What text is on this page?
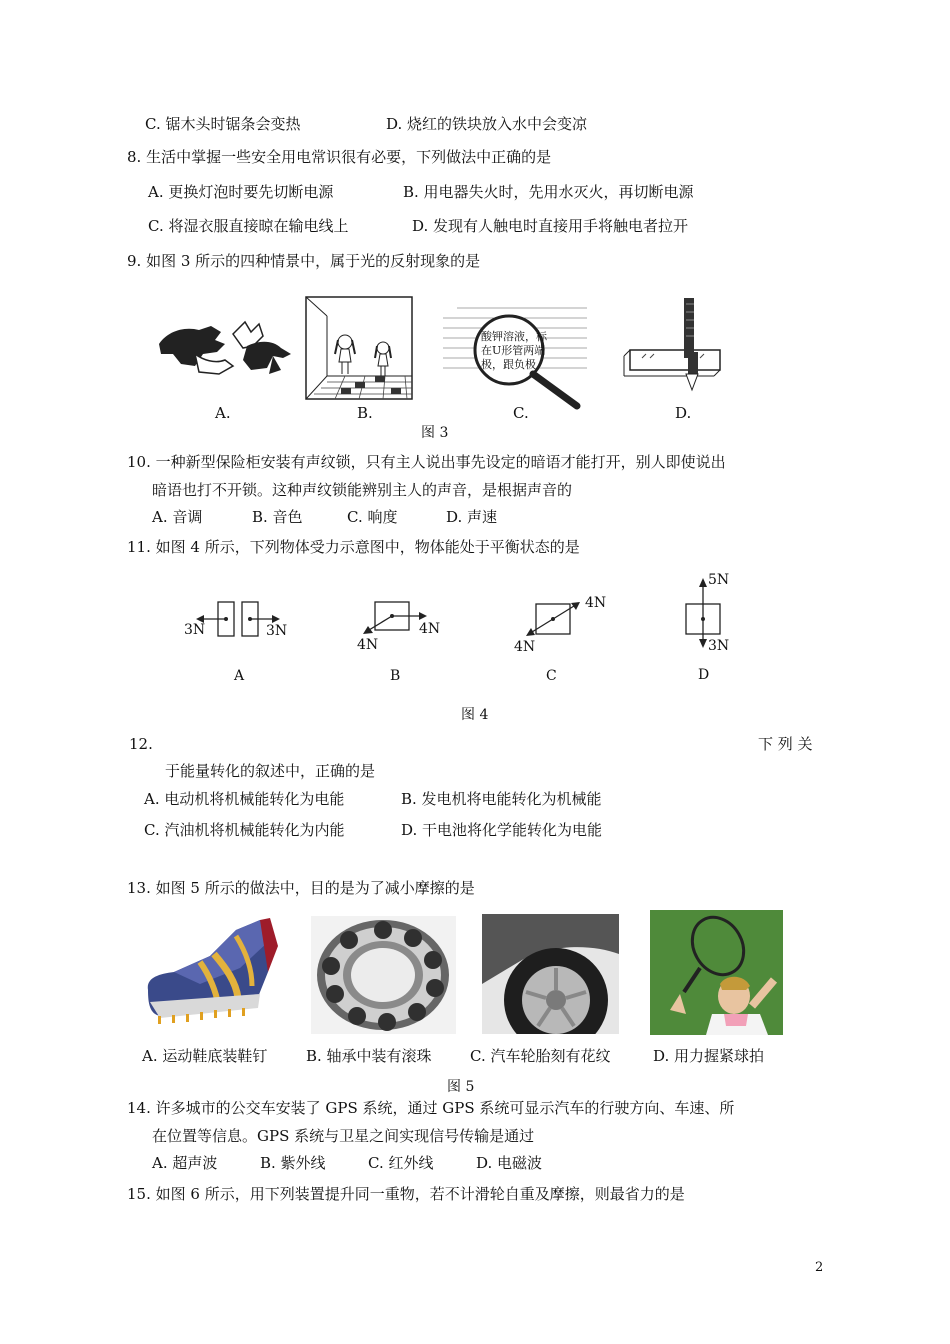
C. 锯木头时锯条会变热	D. 烧红的铁块放入水中会变凉
8. 生活中掌握一些安全用电常识很有必要，下列做法中正确的是
A. 更换灯泡时要先切断电源	B. 用电器失火时，先用水灭火，再切断电源
C. 将湿衣服直接晾在输电线上	D. 发现有人触电时直接用手将触电者拉开
9. 如图 3 所示的四种情景中，属于光的反射现象的是
A.	B.
酸钾溶液，标
在U形管两端
极，跟负极
C.	D.
图 3
10. 一种新型保险柜安装有声纹锁，只有主人说出事先设定的暗语才能打开，别人即使说出
暗语也打不开锁。这种声纹锁能辨别主人的声音，是根据声音的
A. 音调	B. 音色	C. 响度	D. 声速
11. 如图 4 所示，下列物体受力示意图中，物体能处于平衡状态的是
3N	3N
A
4N
4N
B
4N
4N
C
5N
3N
D
图 4
12.	下 列 关
于能量转化的叙述中，正确的是
A. 电动机将机械能转化为电能	B. 发电机将电能转化为机械能
C. 汽油机将机械能转化为内能	D. 干电池将化学能转化为电能
13. 如图 5 所示的做法中，目的是为了减小摩擦的是
A. 运动鞋底装鞋钉	B. 轴承中装有滚珠	C. 汽车轮胎刻有花纹	D. 用力握紧球拍
图 5
14. 许多城市的公交车安装了 GPS 系统，通过 GPS 系统可显示汽车的行驶方向、车速、所
在位置等信息。GPS 系统与卫星之间实现信号传输是通过
A. 超声波	B. 紫外线	C. 红外线	D. 电磁波
15. 如图 6 所示，用下列装置提升同一重物，若不计滑轮自重及摩擦，则最省力的是
2
